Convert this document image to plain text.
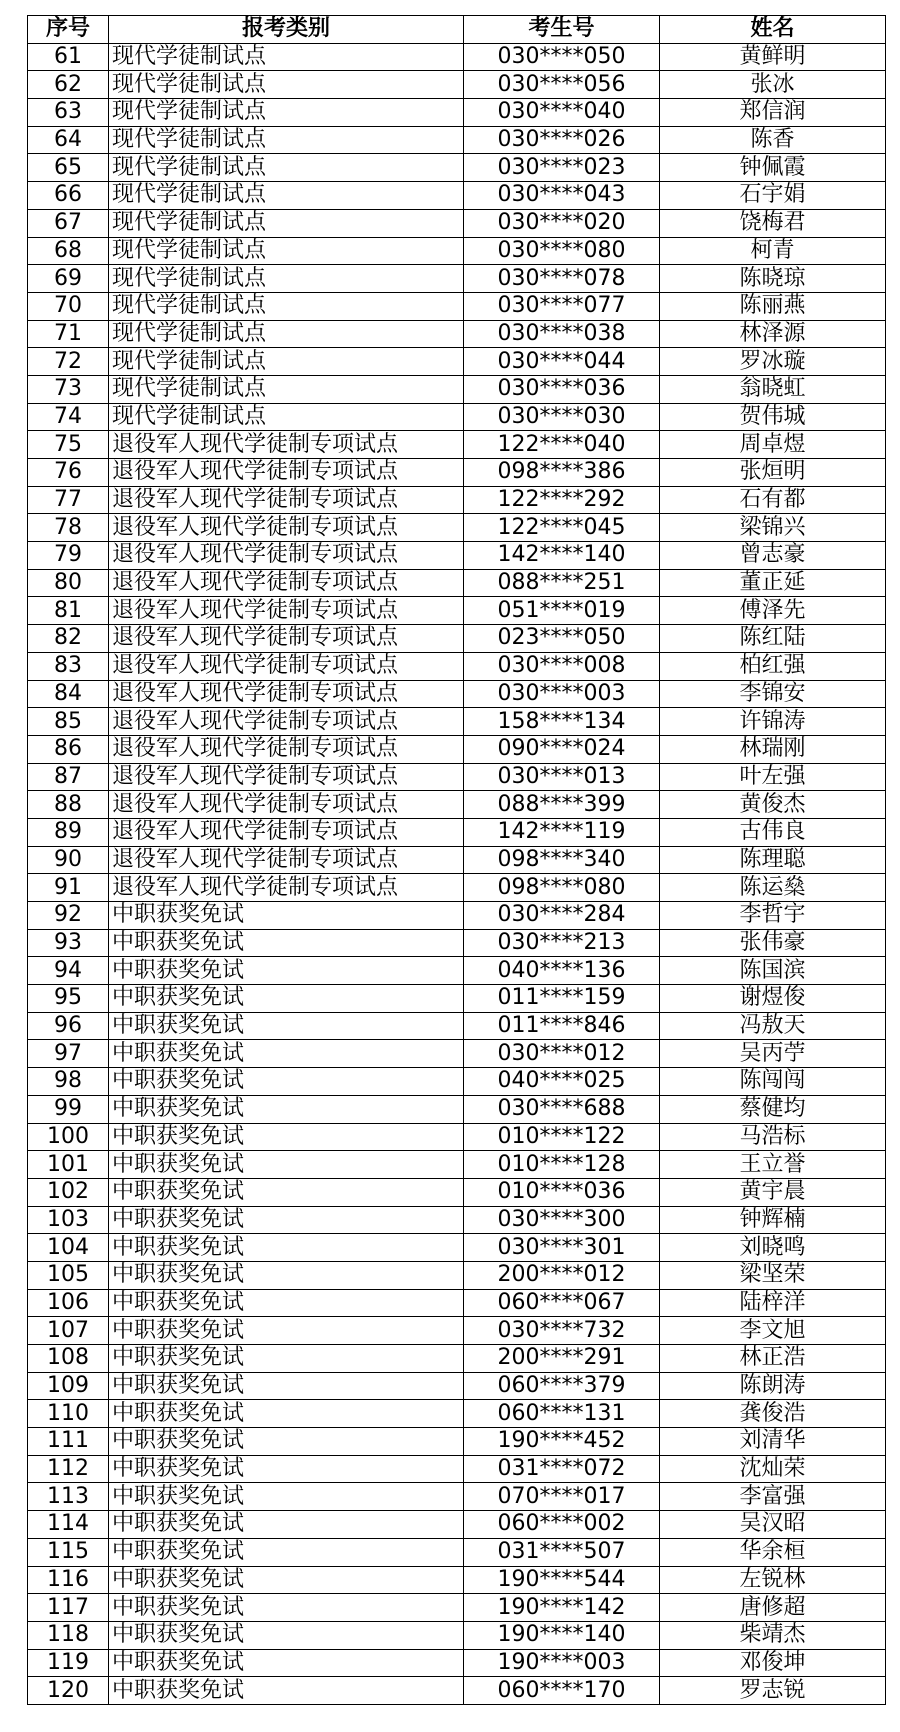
序号	报考类别	考生号	姓名
61	现代学徒制试点	030****050	黄鲜明
62	现代学徒制试点	030****056	张冰
63	现代学徒制试点	030****040	郑信润
64	现代学徒制试点	030****026	陈香
65	现代学徒制试点	030****023	钟佩霞
66	现代学徒制试点	030****043	石宇娟
67	现代学徒制试点	030****020	饶梅君
68	现代学徒制试点	030****080	柯青
69	现代学徒制试点	030****078	陈晓琼
70	现代学徒制试点	030****077	陈丽燕
71	现代学徒制试点	030****038	林泽源
72	现代学徒制试点	030****044	罗冰璇
73	现代学徒制试点	030****036	翁晓虹
74	现代学徒制试点	030****030	贺伟城
75	退役军人现代学徒制专项试点	122****040	周卓煜
76	退役军人现代学徒制专项试点	098****386	张烜明
77	退役军人现代学徒制专项试点	122****292	石有都
78	退役军人现代学徒制专项试点	122****045	梁锦兴
79	退役军人现代学徒制专项试点	142****140	曾志豪
80	退役军人现代学徒制专项试点	088****251	董正延
81	退役军人现代学徒制专项试点	051****019	傅泽先
82	退役军人现代学徒制专项试点	023****050	陈红陆
83	退役军人现代学徒制专项试点	030****008	柏红强
84	退役军人现代学徒制专项试点	030****003	李锦安
85	退役军人现代学徒制专项试点	158****134	许锦涛
86	退役军人现代学徒制专项试点	090****024	林瑞刚
87	退役军人现代学徒制专项试点	030****013	叶左强
88	退役军人现代学徒制专项试点	088****399	黄俊杰
89	退役军人现代学徒制专项试点	142****119	古伟良
90	退役军人现代学徒制专项试点	098****340	陈理聪
91	退役军人现代学徒制专项试点	098****080	陈运燊
92	中职获奖免试	030****284	李哲宇
93	中职获奖免试	030****213	张伟豪
94	中职获奖免试	040****136	陈国滨
95	中职获奖免试	011****159	谢煜俊
96	中职获奖免试	011****846	冯敖天
97	中职获奖免试	030****012	吴丙苧
98	中职获奖免试	040****025	陈闯闯
99	中职获奖免试	030****688	蔡健均
100	中职获奖免试	010****122	马浩标
101	中职获奖免试	010****128	王立誉
102	中职获奖免试	010****036	黄宇晨
103	中职获奖免试	030****300	钟辉楠
104	中职获奖免试	030****301	刘晓鸣
105	中职获奖免试	200****012	梁坚荣
106	中职获奖免试	060****067	陆梓洋
107	中职获奖免试	030****732	李文旭
108	中职获奖免试	200****291	林正浩
109	中职获奖免试	060****379	陈朗涛
110	中职获奖免试	060****131	龚俊浩
111	中职获奖免试	190****452	刘清华
112	中职获奖免试	031****072	沈灿荣
113	中职获奖免试	070****017	李富强
114	中职获奖免试	060****002	吴汉昭
115	中职获奖免试	031****507	华余桓
116	中职获奖免试	190****544	左锐林
117	中职获奖免试	190****142	唐修超
118	中职获奖免试	190****140	柴靖杰
119	中职获奖免试	190****003	邓俊坤
120	中职获奖免试	060****170	罗志锐
